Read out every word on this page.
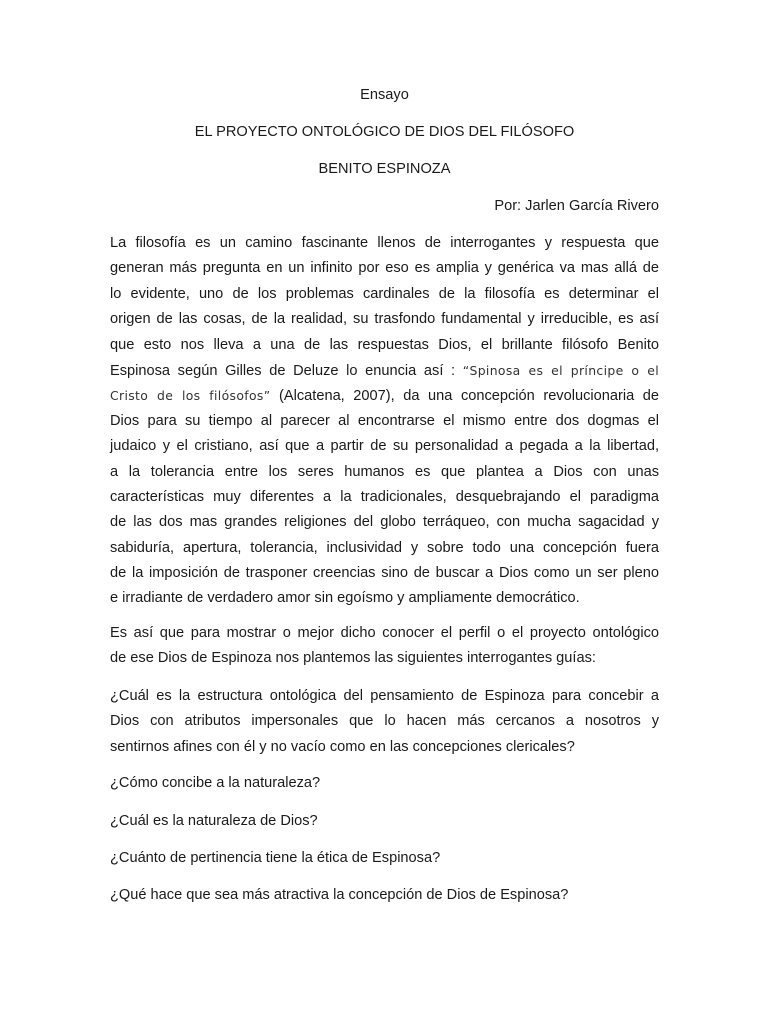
Ensayo

EL PROYECTO ONTOLÓGICO DE DIOS DEL FILÓSOFO

BENITO ESPINOZA

Por: Jarlen García Rivero

La filosofía es un camino fascinante llenos de interrogantes y respuesta que
generan más pregunta en un infinito por eso es amplia y genérica va mas allá de
lo evidente, uno de los problemas cardinales de la filosofía es determinar el
origen de las cosas, de la realidad, su trasfondo fundamental y irreducible, es así
que esto nos lleva a una de las respuestas Dios, el brillante filósofo Benito
Espinosa según Gilles de Deluze lo enuncia así : “Spinosa es el príncipe o el
Cristo de los filósofos” (Alcatena, 2007), da una concepción revolucionaria de
Dios para su tiempo al parecer al encontrarse el mismo entre dos dogmas el
judaico y el cristiano, así que a partir de su personalidad a pegada a la libertad,
a la tolerancia entre los seres humanos es que plantea a Dios con unas
características muy diferentes a la tradicionales, desquebrajando el paradigma
de las dos mas grandes religiones del globo terráqueo, con mucha sagacidad y
sabiduría, apertura, tolerancia, inclusividad y sobre todo una concepción fuera
de la imposición de trasponer creencias sino de buscar a Dios como un ser pleno
e irradiante de verdadero amor sin egoísmo y ampliamente democrático.
Es así que para mostrar o mejor dicho conocer el perfil o el proyecto ontológico
de ese Dios de Espinoza nos plantemos las siguientes interrogantes guías:
¿Cuál es la estructura ontológica del pensamiento de Espinoza para concebir a
Dios con atributos impersonales que lo hacen más cercanos a nosotros y
sentirnos afines con él y no vacío como en las concepciones clericales?
¿Cómo concibe a la naturaleza?
¿Cuál es la naturaleza de Dios?
¿Cuánto de pertinencia tiene la ética de Espinosa?
¿Qué hace que sea más atractiva la concepción de Dios de Espinosa?
